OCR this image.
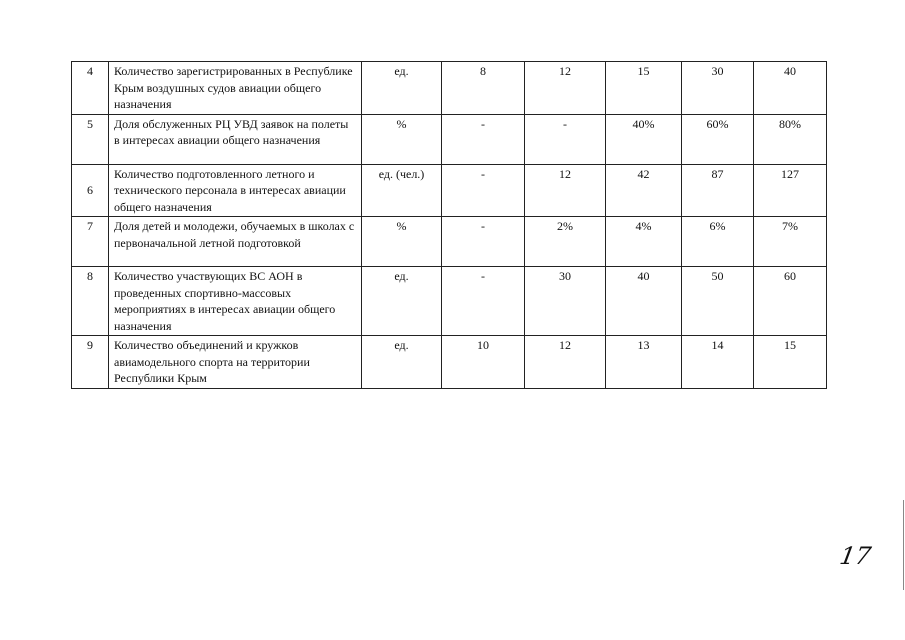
4	Количество зарегистрированных в Республике Крым воздушных судов авиации общего назначения	ед.	8	12	15	30	40
5	Доля обслуженных РЦ УВД заявок на полеты в интересах авиации общего назначения	%	-	-	40%	60%	80%
6	Количество подготовленного летного и технического персонала в интересах авиации общего назначения	ед. (чел.)	-	12	42	87	127
7	Доля детей и молодежи, обучаемых в школах с первоначальной летной подготовкой	%	-	2%	4%	6%	7%
8	Количество участвующих ВС АОН в проведенных спортивно-массовых мероприятиях в интересах авиации общего назначения	ед.	-	30	40	50	60
9	Количество объединений и кружков авиамодельного спорта на территории Республики Крым	ед.	10	12	13	14	15
17
